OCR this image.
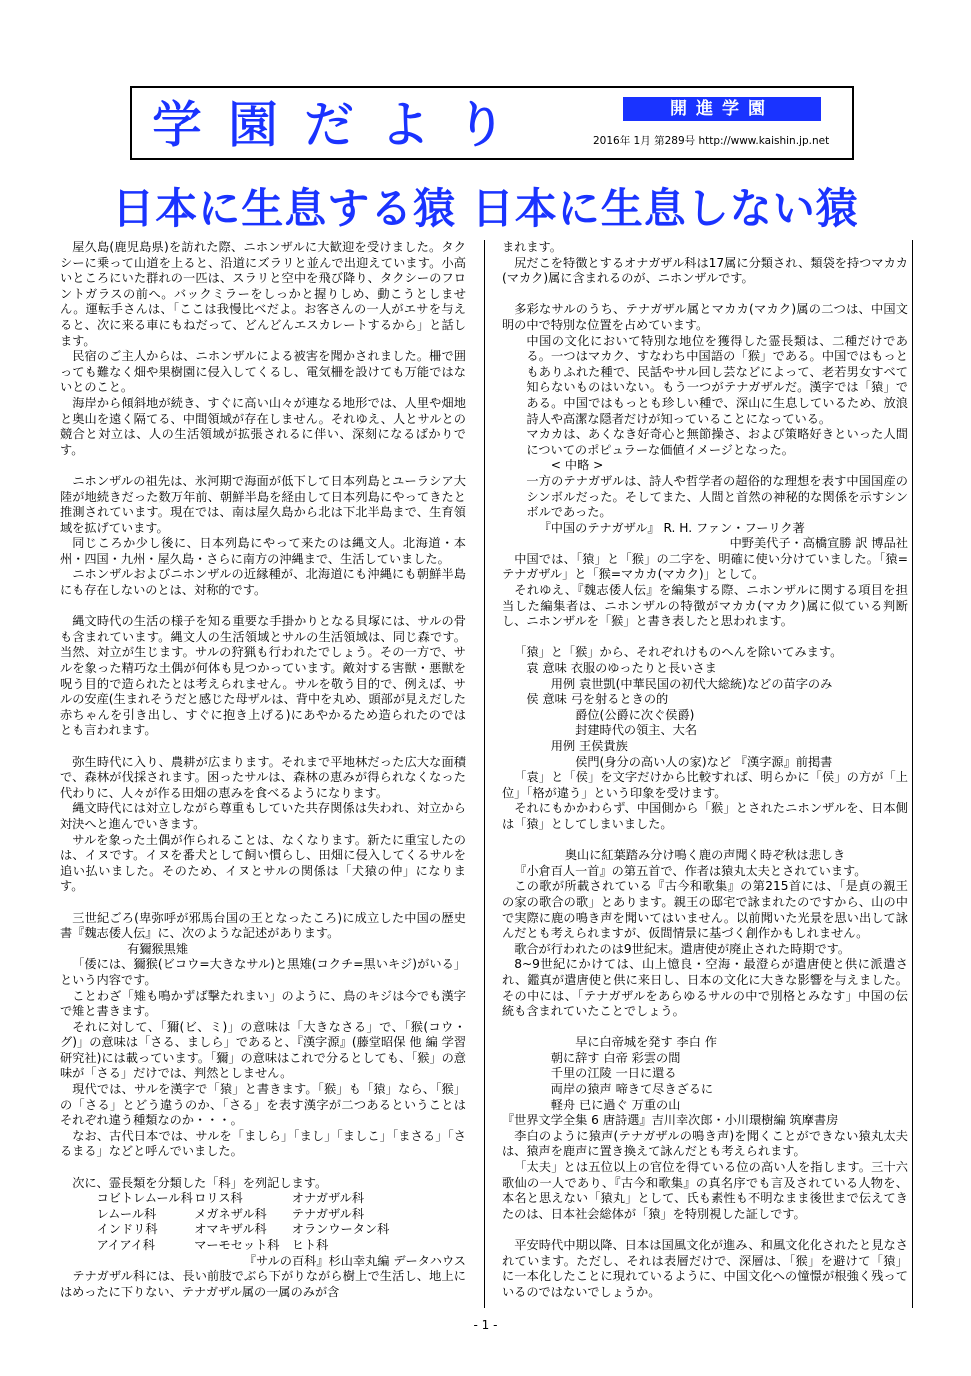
学園だより	開進学園
2016年 1月 第289号 http://www.kaishin.jp.net
日本に生息する猿 日本に生息しない猿

屋久島(鹿児島県)を訪れた際、ニホンザルに大歓迎を受けました。タクシーに乗って山道を上ると、沿道にズラリと並んで出迎えています。小高いところにいた群れの一匹は、スラリと空中を飛び降り、タクシーのフロントガラスの前へ。バックミラーをしっかと握りしめ、動こうとしません。運転手さんは、「ここは我慢比べだよ。お客さんの一人がエサを与えると、次に来る車にもねだって、どんどんエスカレートするから」と話します。

民宿のご主人からは、ニホンザルによる被害を聞かされました。柵で囲っても難なく畑や果樹園に侵入してくるし、電気柵を設けても万能ではないとのこと。

海岸から傾斜地が続き、すぐに高い山々が連なる地形では、人里や畑地と奥山を遠く隔てる、中間領域が存在しません。それゆえ、人とサルとの競合と対立は、人の生活領域が拡張されるに伴い、深刻になるばかりです。

ニホンザルの祖先は、氷河期で海面が低下して日本列島とユーラシア大陸が地続きだった数万年前、朝鮮半島を経由して日本列島にやってきたと推測されています。現在では、南は屋久島から北は下北半島まで、生育領域を拡げています。

同じころか少し後に、日本列島にやって来たのは縄文人。北海道・本州・四国・九州・屋久島・さらに南方の沖縄まで、生活していました。

ニホンザルおよびニホンザルの近縁種が、北海道にも沖縄にも朝鮮半島にも存在しないのとは、対称的です。

縄文時代の生活の様子を知る重要な手掛かりとなる貝塚には、サルの骨も含まれています。縄文人の生活領域とサルの生活領域は、同じ森です。当然、対立が生じます。サルの狩猟も行われたでしょう。その一方で、サルを象った精巧な土偶が何体も見つかっています。敵対する害獣・悪獣を呪う目的で造られたとは考えられません。サルを敬う目的で、例えば、サルの安産(生まれそうだと感じた母ザルは、背中を丸め、頭部が見えだした赤ちゃんを引き出し、すぐに抱き上げる)にあやかるため造られたのではとも言われます。

弥生時代に入り、農耕が広まります。それまで平地林だった広大な面積で、森林が伐採されます。困ったサルは、森林の恵みが得られなくなった代わりに、人々が作る田畑の恵みを食べるようになります。

縄文時代には対立しながら尊重もしていた共存関係は失われ、対立から対決へと進んでいきます。

サルを象った土偶が作られることは、なくなります。新たに重宝したのは、イヌです。イヌを番犬として飼い慣らし、田畑に侵入してくるサルを追い払いました。そのため、イヌとサルの関係は「犬猿の仲」になります。

三世紀ごろ(卑弥呼が邪馬台国の王となったころ)に成立した中国の歴史書『魏志倭人伝』に、次のような記述があります。

有獮猴黒雉

「倭には、獮猴(ビコウ=大きなサル)と黒雉(コクチ=黒いキジ)がいる」という内容です。

ことわざ「雉も鳴かずば撃たれまい」のように、鳥のキジは今でも漢字で雉と書きます。

それに対して、「獮(ビ、ミ)」の意味は「大きなさる」で、「猴(コウ・グ)」の意味は「さる、ましら」であると、『漢字源』(藤堂昭保 他 編 学習研究社)には載っています。「獮」の意味はこれで分るとしても、「猴」の意味が「さる」だけでは、判然としません。

現代では、サルを漢字で「猿」と書きます。「猴」も「猿」なら、「猴」の「さる」とどう違うのか、「さる」を表す漢字が二つあるということはそれぞれ違う種類なのか・・・。

なお、古代日本では、サルを「ましら」「まし」「ましこ」「まさる」「さるまる」などと呼んでいました。

次に、霊長類を分類した「科」を列記します。

コビトレムール科 ロリス科	オナガザル科
レムール科	メガネザル科	テナガザル科
インドリ科	オマキザル科	オランウータン科
アイアイ科	マーモセット科	ヒト科

『サルの百科』杉山幸丸編 データハウス

テナガザル科には、長い前肢でぶら下がりながら樹上で生活し、地上にはめったに下りない、テナガザル属の一属のみが含

まれます。

尻だこを特徴とするオナガザル科は17属に分類され、類袋を持つマカカ(マカク)属に含まれるのが、ニホンザルです。

多彩なサルのうち、テナガザル属とマカカ(マカク)属の二つは、中国文明の中で特別な位置を占めています。

中国の文化において特別な地位を獲得した霊長類は、二種だけである。一つはマカク、すなわち中国語の「猴」である。中国ではもっともありふれた種で、民話やサル回し芸などによって、老若男女すべて知らないものはいない。もう一つがテナガザルだ。漢字では「猿」である。中国ではもっとも珍しい種で、深山に生息しているため、放浪詩人や高潔な隠者だけが知っていることになっている。

マカカは、あくなき好奇心と無節操さ、および策略好きといった人間についてのポピュラーな価値イメージとなった。

< 中略 >

一方のテナガザルは、詩人や哲学者の超俗的な理想を表す中国国産のシンボルだった。そしてまた、人間と首然の神秘的な関係を示すシンボルであった。

『中国のテナガザル』 R. H. ファン・フーリク著

中野美代子・高橋宣勝 訳 博品社

中国では、「猿」と「猴」の二字を、明確に使い分けていました。「猿=テナガザル」と「猴=マカカ(マカク)」として。

それゆえ、『魏志倭人伝』を編集する際、ニホンザルに関する項目を担当した編集者は、ニホンザルの特徴がマカカ(マカク)属に似ている判断し、ニホンザルを「猴」と書き表したと思われます。

「猿」と「猴」から、それぞれけものへんを除いてみます。

袁 意味 衣服のゆったりと長いさま

用例 袁世凱(中華民国の初代大総統)などの苗字のみ

侯 意味 弓を射るときの的

爵位(公爵に次ぐ侯爵)

封建時代の領主、大名

用例 王侯貴族

侯門(身分の高い人の家)など 『漢字源』前掲書

「袁」と「侯」を文字だけから比較すれば、明らかに「侯」の方が「上位」「格が違う」という印象を受けます。

それにもかかわらず、中国側から「猴」とされたニホンザルを、日本側は「猿」としてしまいました。

奥山に紅葉踏み分け鳴く鹿の声聞く時ぞ秋は悲しき

『小倉百人一首』の第五首で、作者は猿丸太夫とされています。

この歌が所載されている『古今和歌集』の第215首には、「是貞の親王の家の歌合の歌」とあります。親王の邸宅で詠まれたのですから、山の中で実際に鹿の鳴き声を聞いてはいません。以前聞いた光景を思い出して詠んだとも考えられますが、仮間情景に基づく創作かもしれません。

歌合が行われたのは9世紀末。遣唐使が廃止された時期です。

8~9世紀にかけては、山上憶良・空海・最澄らが遣唐使と供に派遣され、鑑真が遣唐使と供に来日し、日本の文化に大きな影響を与えました。その中には、「テナガザルをあらゆるサルの中で別格とみなす」中国の伝統も含まれていたことでしょう。

早に白帝城を発す 李白 作

朝に辞す 白帝 彩雲の間

千里の江陵 一日に還る

両岸の猿声 啼きて尽きざるに

軽舟 已に過ぐ 万重の山

『世界文学全集 6 唐詩選』吉川幸次郎・小川環樹編 筑摩書房

李白のように猿声(テナガザルの鳴き声)を聞くことができない猿丸太夫は、猿声を鹿声に置き換えて詠んだとも考えられます。

「太夫」とは五位以上の官位を得ている位の高い人を指します。三十六歌仙の一人であり、『古今和歌集』の真名序でも言及されている人物を、本名と思えない「猿丸」として、氏も素性も不明なまま後世まで伝えてきたのは、日本社会総体が「猿」を特別視した証しです。

平安時代中期以降、日本は国風文化が進み、和風文化化されたと見なされています。ただし、それは表層だけで、深層は、「猴」を避けて「猿」に一本化したことに現れているように、中国文化への憧憬が根強く残っているのではないでしょうか。

- 1 -
